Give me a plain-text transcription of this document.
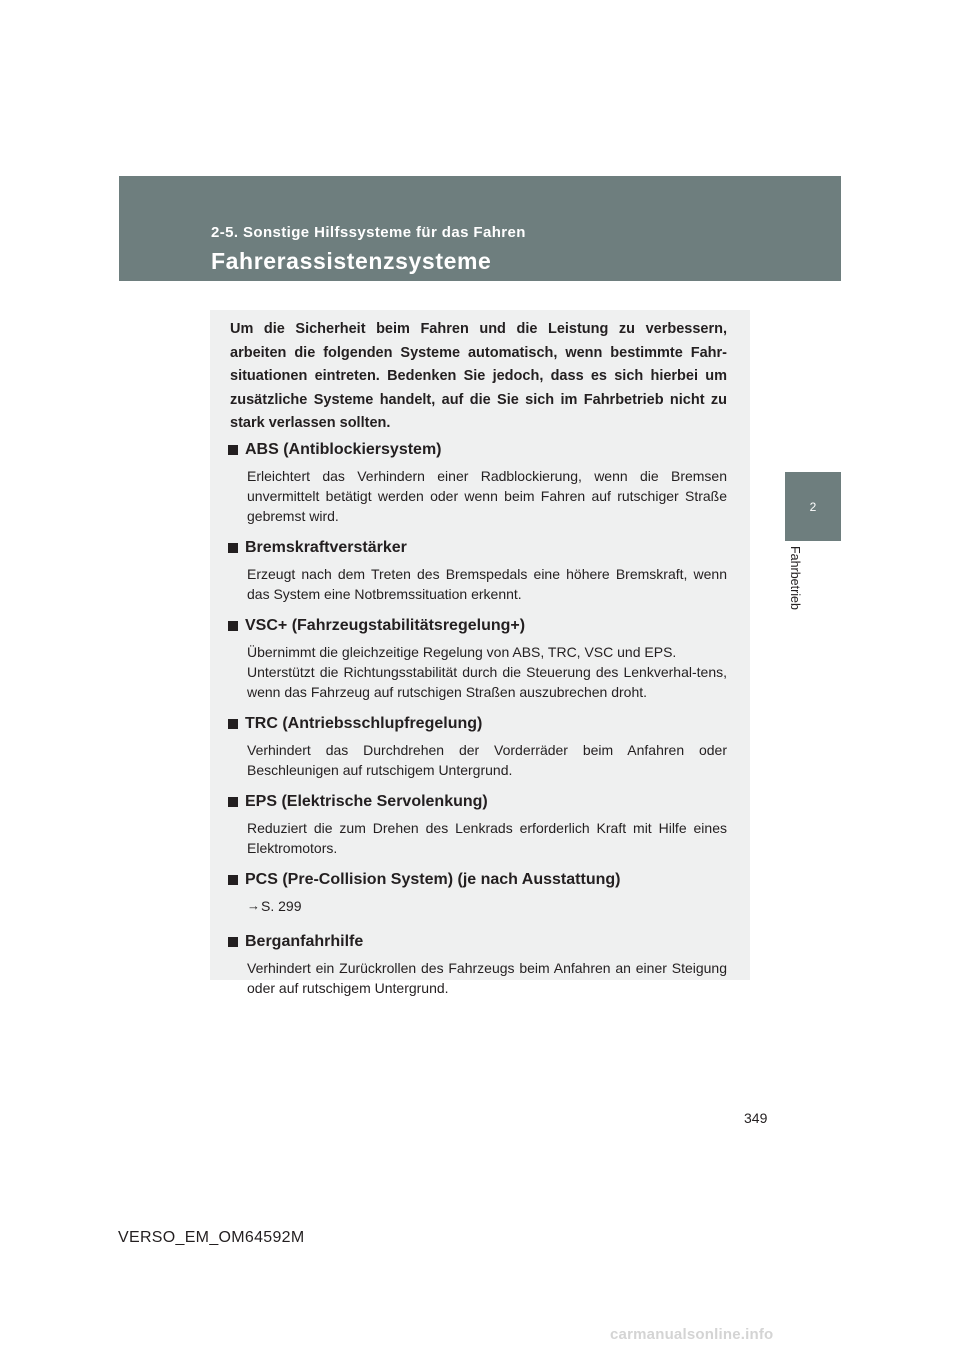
2-5. Sonstige Hilfssysteme für das Fahren
Fahrerassistenzsysteme
2
Fahrbetrieb
Um die Sicherheit beim Fahren und die Leistung zu verbessern, arbeiten die folgenden Systeme automatisch, wenn bestimmte Fahr-situationen eintreten. Bedenken Sie jedoch, dass es sich hierbei um zusätzliche Systeme handelt, auf die Sie sich im Fahrbetrieb nicht zu stark verlassen sollten.
ABS (Antiblockiersystem)
Erleichtert das Verhindern einer Radblockierung, wenn die Bremsen unvermittelt betätigt werden oder wenn beim Fahren auf rutschiger Straße gebremst wird.
Bremskraftverstärker
Erzeugt nach dem Treten des Bremspedals eine höhere Bremskraft, wenn das System eine Notbremssituation erkennt.
VSC+ (Fahrzeugstabilitätsregelung+)
Übernimmt die gleichzeitige Regelung von ABS, TRC, VSC und EPS.
Unterstützt die Richtungsstabilität durch die Steuerung des Lenkverhal-tens, wenn das Fahrzeug auf rutschigen Straßen auszubrechen droht.
TRC (Antriebsschlupfregelung)
Verhindert das Durchdrehen der Vorderräder beim Anfahren oder Beschleunigen auf rutschigem Untergrund.
EPS (Elektrische Servolenkung)
Reduziert die zum Drehen des Lenkrads erforderlich Kraft mit Hilfe eines Elektromotors.
PCS (Pre-Collision System) (je nach Ausstattung)
→ S. 299
Berganfahrhilfe
Verhindert ein Zurückrollen des Fahrzeugs beim Anfahren an einer Steigung oder auf rutschigem Untergrund.
349
VERSO_EM_OM64592M
carmanualsonline.info
